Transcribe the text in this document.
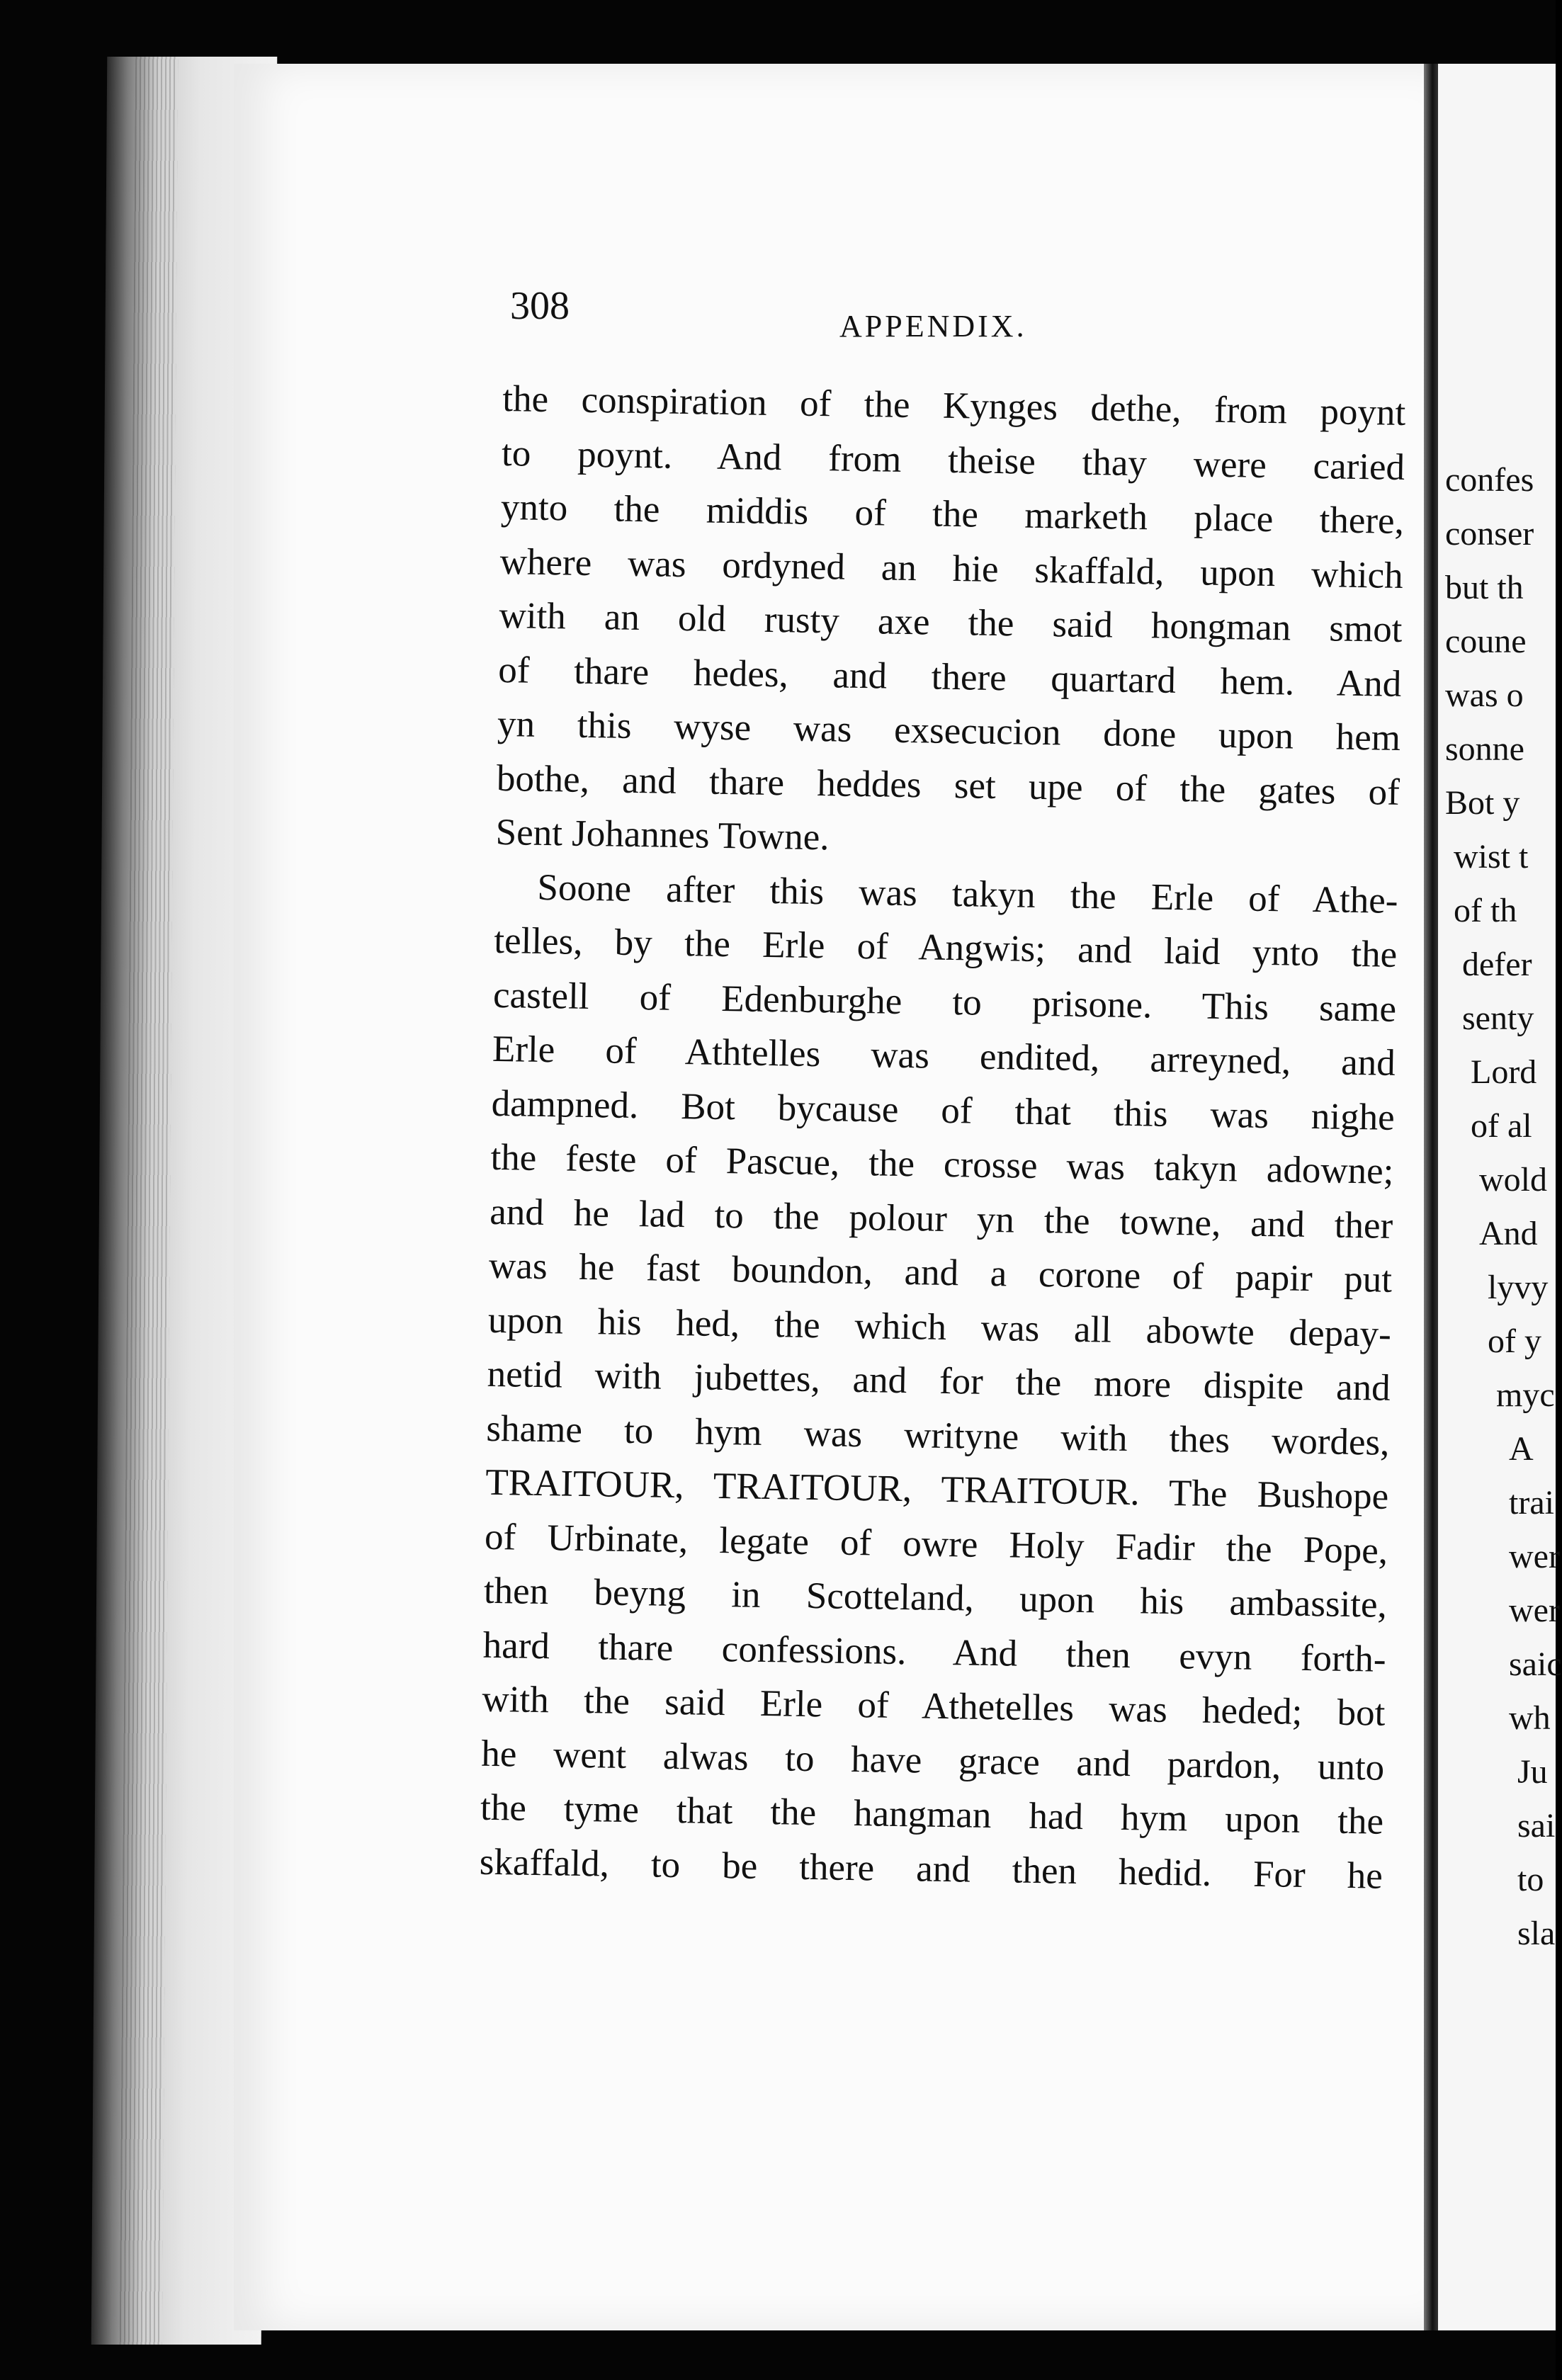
confes
conser
but th
coune
was o
sonne
Bot y
wist t
of th
defer
senty
Lord
of al
wold
And
lyvy
of y
myc
A
trai
wer
wer
saic
wh
Ju
sai
to
sla
308	APPENDIX.
the conspiration of the Kynges dethe, from poynt
to poynt. And from theise thay were caried
ynto the middis of the marketh place there,
where was ordyned an hie skaffald, upon which
with an old rusty axe the said hongman smot
of thare hedes, and there quartard hem. And
yn this wyse was exsecucion done upon hem
bothe, and thare heddes set upe of the gates of
Sent Johannes Towne.
Soone after this was takyn the Erle of Athe-
telles, by the Erle of Angwis; and laid ynto the
castell of Edenburghe to prisone. This same
Erle of Athtelles was endited, arreyned, and
dampned. Bot bycause of that this was nighe
the feste of Pascue, the crosse was takyn adowne;
and he lad to the polour yn the towne, and ther
was he fast boundon, and a corone of papir put
upon his hed, the which was all abowte depay-
netid with jubettes, and for the more dispite and
shame to hym was writyne with thes wordes,
TRAITOUR, TRAITOUR, TRAITOUR. The Bushope
of Urbinate, legate of owre Holy Fadir the Pope,
then beyng in Scotteland, upon his ambassite,
hard thare confessions. And then evyn forth-
with the said Erle of Athetelles was heded; bot
he went alwas to have grace and pardon, unto
the tyme that the hangman had hym upon the
skaffald, to be there and then hedid. For he
